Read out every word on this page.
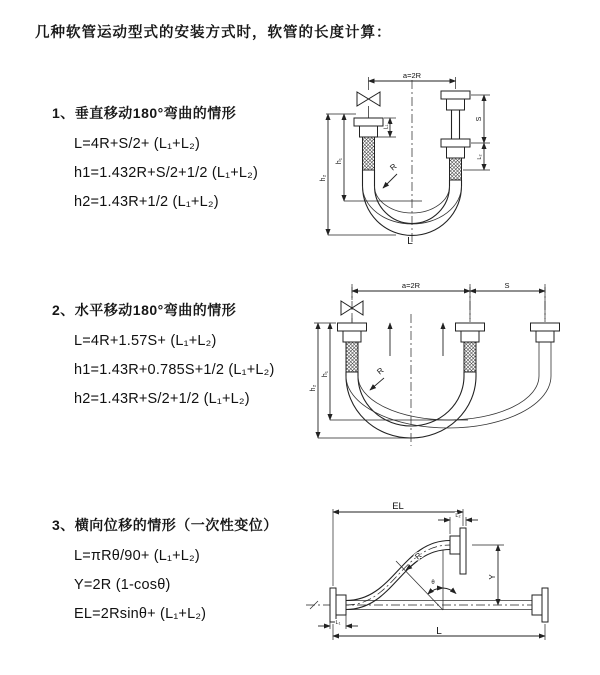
几种软管运动型式的安装方式时，软管的长度计算：
1、垂直移动180°弯曲的情形
L=4R+S/2+ (L₁+L₂)
h1=1.432R+S/2+1/2 (L₁+L₂)
h2=1.43R+1/2 (L₁+L₂)
a=2R
R
L
h₁
h₂
L₁
S
L₂
2、水平移动180°弯曲的情形
L=4R+1.57S+ (L₁+L₂)
h1=1.43R+0.785S+1/2 (L₁+L₂)
h2=1.43R+S/2+1/2 (L₁+L₂)
a=2R	S
h₁
h₂
R
3、横向位移的情形（一次性变位）
L=πRθ/90+ (L₁+L₂)
Y=2R (1-cosθ)
EL=2Rsinθ+ (L₁+L₂)
EL
L₂
Y
θ
R
L₁
L
